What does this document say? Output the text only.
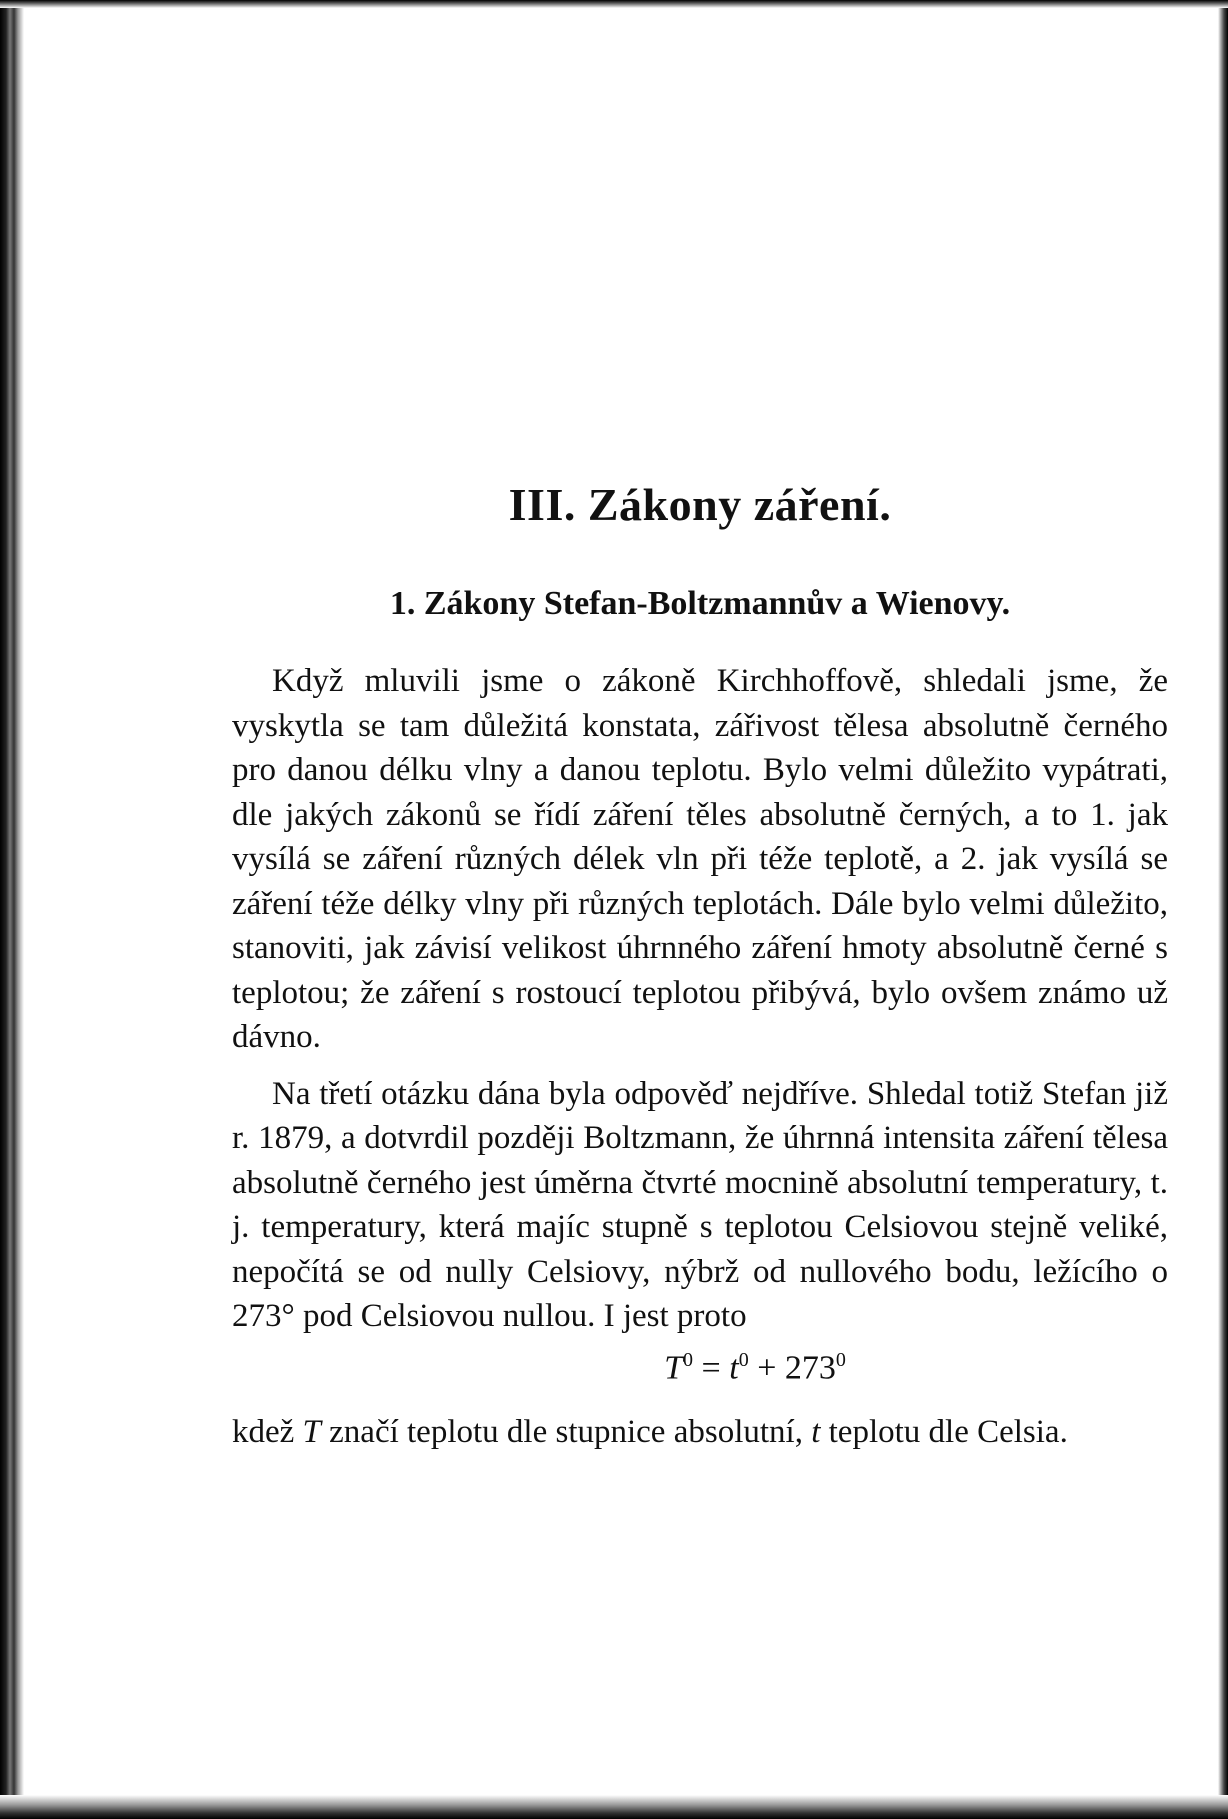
III. Zákony záření.
1. Zákony Stefan-Boltzmannův a Wienovy.

Když mluvili jsme o zákoně Kirchhoffově, shledali jsme, že vyskytla se tam důležitá konstata, zářivost tělesa absolutně černého pro danou délku vlny a danou teplotu. Bylo velmi důležito vypátrati, dle jakých zákonů se řídí záření těles absolutně černých, a to 1. jak vysílá se záření různých délek vln při téže teplotě, a 2. jak vysílá se záření téže délky vlny při různých teplotách. Dále bylo velmi důležito, stanoviti, jak závisí velikost úhrnného záření hmoty absolutně černé s teplotou; že záření s rostoucí teplotou přibývá, bylo ovšem známo už dávno.

Na třetí otázku dána byla odpověď nejdříve. Shledal totiž Stefan již r. 1879, a dotvrdil později Boltzmann, že úhrnná intensita záření tělesa absolutně černého jest úměrna čtvrté mocnině absolutní temperatury, t. j. temperatury, která majíc stupně s teplotou Celsiovou stejně veliké, nepočítá se od nully Celsiovy, nýbrž od nullového bodu, ležícího o 273° pod Celsiovou nullou. I jest proto

$T^0 = t^0 + 273^0$

kdež T značí teplotu dle stupnice absolutní, t teplotu dle Celsia.
